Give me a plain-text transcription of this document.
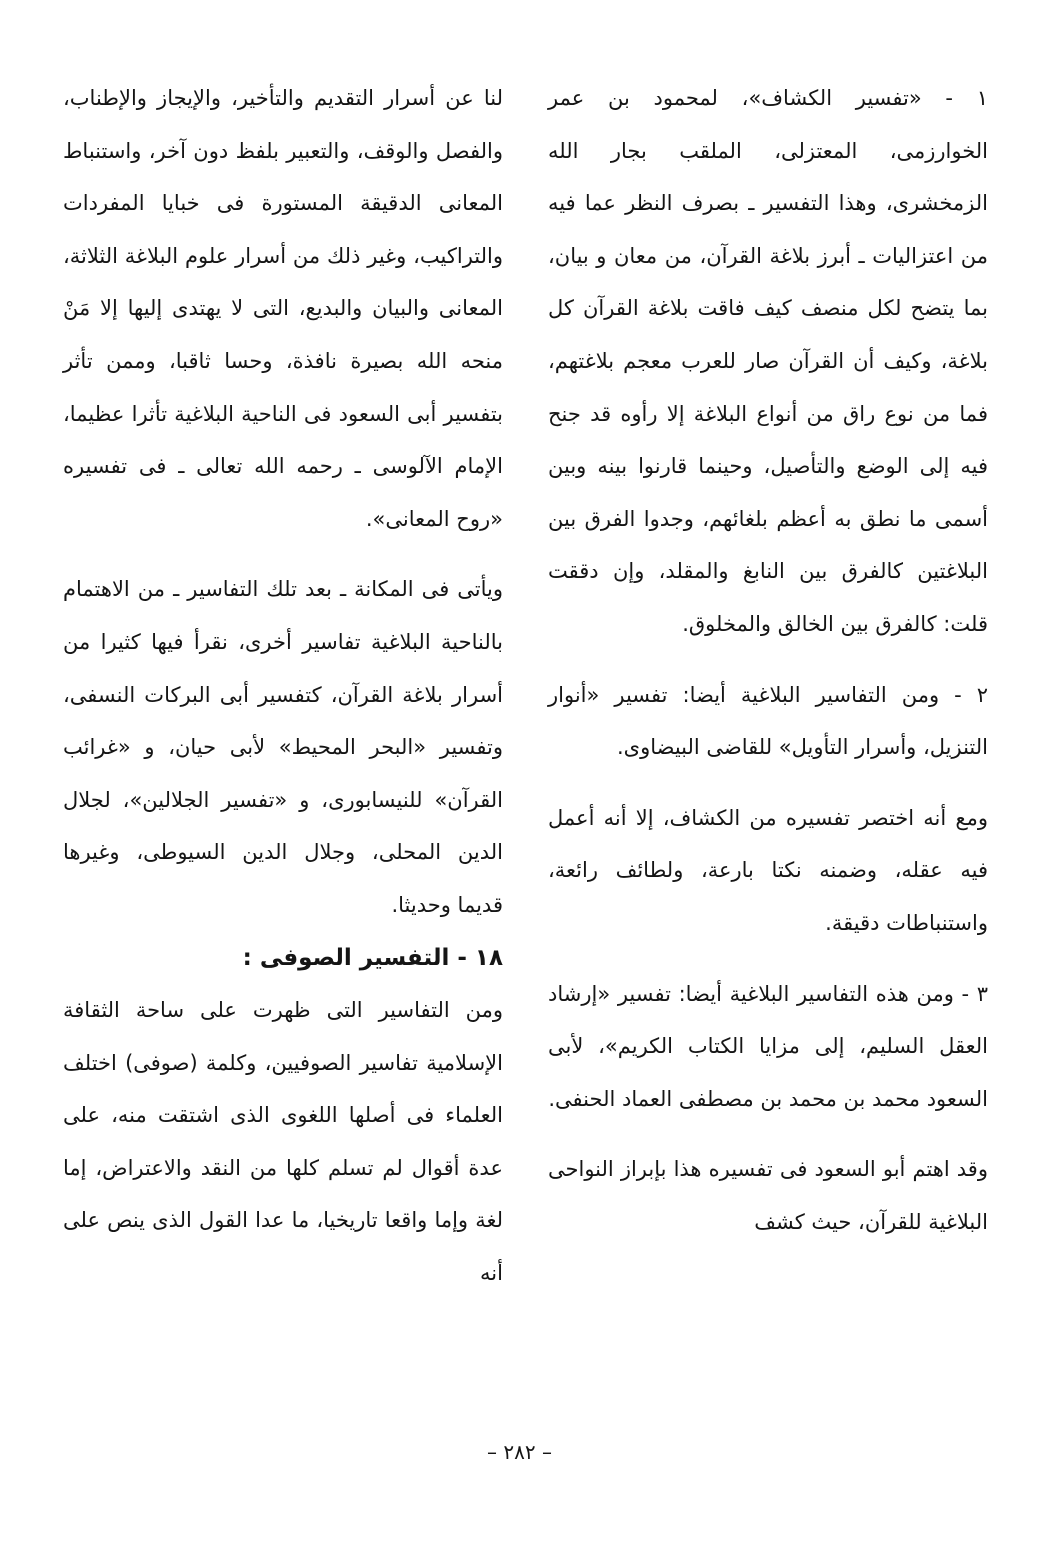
١ - «تفسير الكشاف»، لمحمود بن عمر الخوارزمى، المعتزلى، الملقب بجار الله الزمخشرى، وهذا التفسير ـ بصرف النظر عما فيه من اعتزاليات ـ أبرز بلاغة القرآن، من معان و بيان، بما يتضح لكل منصف كيف فاقت بلاغة القرآن كل بلاغة، وكيف أن القرآن صار للعرب معجم بلاغتهم، فما من نوع راق من أنواع البلاغة إلا رأوه قد جنح فيه إلى الوضع والتأصيل، وحينما قارنوا بينه وبين أسمى ما نطق به أعظم بلغائهم، وجدوا الفرق بين البلاغتين كالفرق بين النابغ والمقلد، وإن دققت قلت: كالفرق بين الخالق والمخلوق.

٢ - ومن التفاسير البلاغية أيضا: تفسير «أنوار التنزيل، وأسرار التأويل» للقاضى البيضاوى.

ومع أنه اختصر تفسيره من الكشاف، إلا أنه أعمل فيه عقله، وضمنه نكتا بارعة، ولطائف رائعة، واستنباطات دقيقة.

٣ - ومن هذه التفاسير البلاغية أيضا: تفسير «إرشاد العقل السليم، إلى مزايا الكتاب الكريم»، لأبى السعود محمد بن محمد بن مصطفى العماد الحنفى.

وقد اهتم أبو السعود فى تفسيره هذا بإبراز النواحى البلاغية للقرآن، حيث كشف

لنا عن أسرار التقديم والتأخير، والإيجاز والإطناب، والفصل والوقف، والتعبير بلفظ دون آخر، واستنباط المعانى الدقيقة المستورة فى خبايا المفردات والتراكيب، وغير ذلك من أسرار علوم البلاغة الثلاثة، المعانى والبيان والبديع، التى لا يهتدى إليها إلا مَنْ منحه الله بصيرة نافذة، وحسا ثاقبا، وممن تأثر بتفسير أبى السعود فى الناحية البلاغية تأثرا عظيما، الإمام الآلوسى ـ رحمه الله تعالى ـ فى تفسيره «روح المعانى».

ويأتى فى المكانة ـ بعد تلك التفاسير ـ من الاهتمام بالناحية البلاغية تفاسير أخرى، نقرأ فيها كثيرا من أسرار بلاغة القرآن، كتفسير أبى البركات النسفى، وتفسير «البحر المحيط» لأبى حيان، و «غرائب القرآن» للنيسابورى، و «تفسير الجلالين»، لجلال الدين المحلى، وجلال الدين السيوطى، وغيرها قديما وحديثا.

١٨ - التفسير الصوفى :

ومن التفاسير التى ظهرت على ساحة الثقافة الإسلامية تفاسير الصوفيين، وكلمة (صوفى) اختلف العلماء فى أصلها اللغوى الذى اشتقت منه، على عدة أقوال لم تسلم كلها من النقد والاعتراض، إما لغة وإما واقعا تاريخيا، ما عدا القول الذى ينص على أنه

– ٢٨٢ –
